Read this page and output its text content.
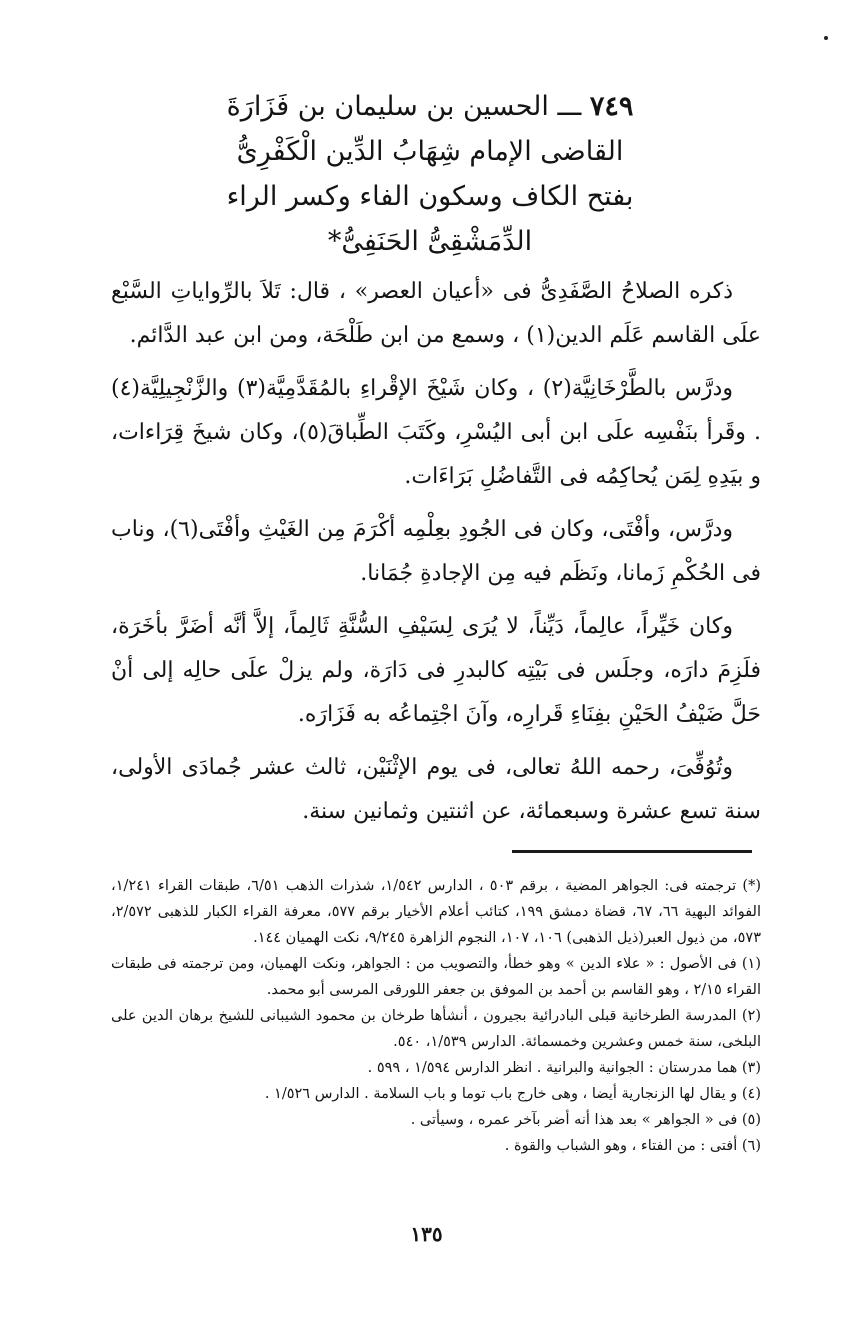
٧٤٩ ـــ الحسين بن سليمان بن فَزَارَةَ
القاضى الإمام شِهَابُ الدِّين الْكَفْرِىُّ
بفتح الكاف وسكون الفاء وكسر الراء
الدِّمَشْقِىُّ الحَنَفِىُّ*

ذكره الصلاحُ الصَّفَدِىُّ فى «أعيان العصر» ، قال: تَلاَ بالرِّواياتِ السَّبْع علَى القاسم عَلَم الدين(١) ، وسمع من ابن طَلْحَة، ومن ابن عبد الدَّائم.

ودرَّس بالطَّرْخَانِيَّة(٢) ، وكان شَيْخَ الإقْراءِ بالمُقَدَّمِيَّة(٣) والزَّنْجِيلِيَّة(٤) . وقَرأ بنَفْسِه علَى ابن أبى اليُسْرِ، وكَتَبَ الطِّباقَ(٥)، وكان شيخَ قِرَاءات، و بيَدِهِ لِمَن يُحاكِمُه فى التَّفاضُلِ بَرَاءَات.

ودرَّس، وأفْتَى، وكان فى الجُودِ بعِلْمِه أكْرَمَ مِن الغَيْثِ وأفْتَى(٦)، وناب فى الحُكْمِ زَمانا، ونَظَم فيه مِن الإجادةِ جُمَانا.

وكان خَيِّراً، عالِماً، دَيِّناً، لا يُرَى لِسَيْفِ السُّنَّةِ ثَالِماً، إلاَّ أنَّه أضَرَّ بأخَرَة، فلَزِمَ دارَه، وجلَس فى بَيْتِه كالبدرِ فى دَارَة، ولم يزلْ علَى حالِه إلى أنْ حَلَّ ضَيْفُ الحَيْنِ بفِنَاءِ قَرارِه، وآنَ اجْتِماعُه به فَزَارَه.

وتُوُفِّىَ، رحمه اللهُ تعالى، فى يوم الإثْنَيْن، ثالث عشر جُمادَى الأولى، سنة تسع عشرة وسبعمائة، عن اثنتين وثمانين سنة.

(*) ترجمته فى: الجواهر المضية ، برقم ٥٠٣ ، الدارس ١/٥٤٢، شذرات الذهب ٦/٥١، طبقات القراء ١/٢٤١، الفوائد البهية ٦٦، ٦٧، قضاة دمشق ١٩٩، كتائب أعلام الأخيار برقم ٥٧٧، معرفة القراء الكبار للذهبى ٢/٥٧٢، ٥٧٣، من ذيول العبر(ذيل الذهبى) ١٠٦، ١٠٧، النجوم الزاهرة ٩/٢٤٥، نكت الهميان ١٤٤.

(١) فى الأصول : « علاء الدين » وهو خطأ، والتصويب من : الجواهر، ونكت الهميان، ومن ترجمته فى طبقات القراء ٢/١٥ ، وهو القاسم بن أحمد بن الموفق بن جعفر اللورقى المرسى أبو محمد.

(٢) المدرسة الطرخانية قبلى البادرائية بجيرون ، أنشأها طرخان بن محمود الشيبانى للشيخ برهان الدين على البلخى، سنة خمس وعشرين وخمسمائة. الدارس ١/٥٣٩، ٥٤٠.

(٣) هما مدرستان : الجوانية والبرانية . انظر الدارس ١/٥٩٤ ، ٥٩٩ .

(٤) و يقال لها الزنجارية أيضا ، وهى خارج باب توما و باب السلامة . الدارس ١/٥٢٦ .

(٥) فى « الجواهر » بعد هذا أنه أضر بآخر عمره ، وسيأتى .

(٦) أفتى : من الفتاء ، وهو الشباب والقوة .

١٣٥
